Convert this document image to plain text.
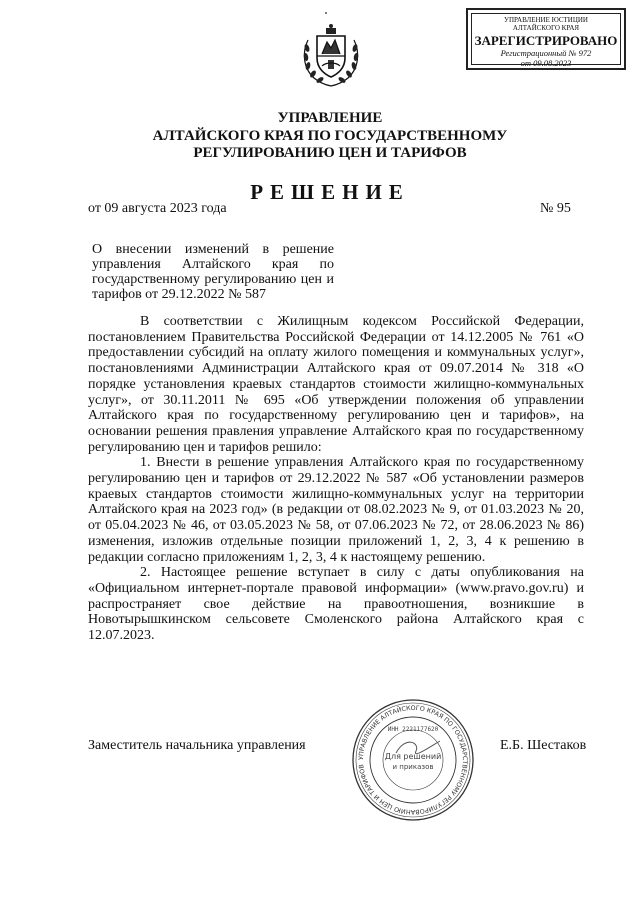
УПРАВЛЕНИЕ ЮСТИЦИИ
АЛТАЙСКОГО КРАЯ
ЗАРЕГИСТРИРОВАНО
Регистрационный № 972
от 09.08.2023
УПРАВЛЕНИЕ
АЛТАЙСКОГО КРАЯ ПО ГОСУДАРСТВЕННОМУ
РЕГУЛИРОВАНИЮ ЦЕН И ТАРИФОВ
РЕШЕНИЕ
от 09 августа 2023 года	№ 95
О внесении изменений в решение управления Алтайского края по государственному регулированию цен и тарифов от 29.12.2022 № 587

В соответствии с Жилищным кодексом Российской Федерации, постановлением Правительства Российской Федерации от 14.12.2005 № 761 «О предоставлении субсидий на оплату жилого помещения и коммунальных услуг», постановлениями Администрации Алтайского края от 09.07.2014 № 318 «О порядке установления краевых стандартов стоимости жилищно-коммунальных услуг», от 30.11.2011 № 695 «Об утверждении положения об управлении Алтайского края по государственному регулированию цен и тарифов», на основании решения правления управление Алтайского края по государственному регулированию цен и тарифов решило:

1. Внести в решение управления Алтайского края по государственному регулированию цен и тарифов от 29.12.2022 № 587 «Об установлении размеров краевых стандартов стоимости жилищно-коммунальных услуг на территории Алтайского края на 2023 год» (в редакции от 08.02.2023 № 9, от 01.03.2023 № 20, от 05.04.2023 № 46, от 03.05.2023 № 58, от 07.06.2023 № 72, от 28.06.2023 № 86) изменения, изложив отдельные позиции приложений 1, 2, 3, 4 к решению в редакции согласно приложениям 1, 2, 3, 4 к настоящему решению.

2. Настоящее решение вступает в силу с даты опубликования на «Официальном интернет-портале правовой информации» (www.pravo.gov.ru) и распространяет свое действие на правоотношения, возникшие в Новотырышкинском сельсовете Смоленского района Алтайского края с 12.07.2023.

УПРАВЛЕНИЕ АЛТАЙСКОГО КРАЯ ПО ГОСУДАРСТВЕННОМУ РЕГУЛИРОВАНИЮ ЦЕН И ТАРИФОВ
ИНН 2221177620
Для решений
и приказов
Заместитель начальника управления	Е.Б. Шестаков
